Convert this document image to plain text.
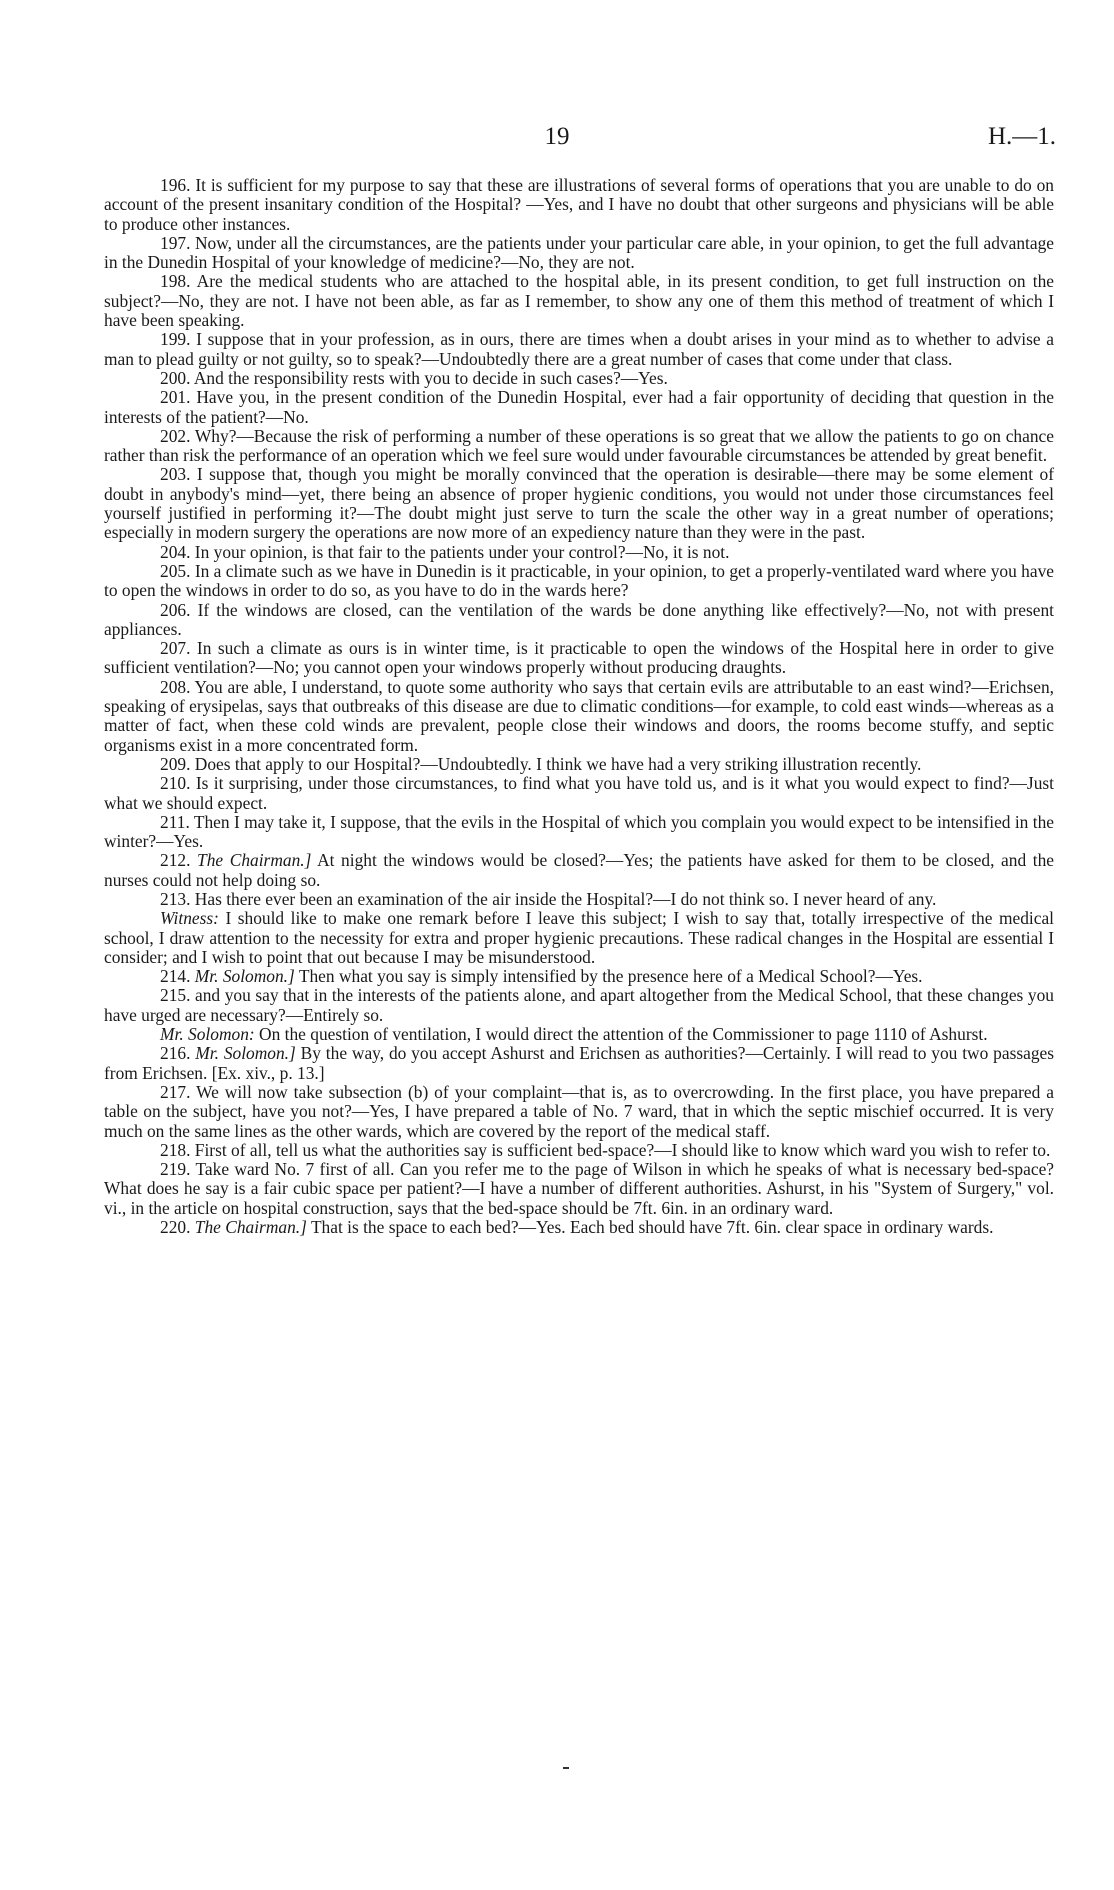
19	H.—1.

196. It is sufficient for my purpose to say that these are illustrations of several forms of operations that you are unable to do on account of the present insanitary condition of the Hospital? —Yes, and I have no doubt that other surgeons and physicians will be able to produce other instances.

197. Now, under all the circumstances, are the patients under your particular care able, in your opinion, to get the full advantage in the Dunedin Hospital of your knowledge of medicine?—No, they are not.

198. Are the medical students who are attached to the hospital able, in its present condition, to get full instruction on the subject?—No, they are not. I have not been able, as far as I remember, to show any one of them this method of treatment of which I have been speaking.

199. I suppose that in your profession, as in ours, there are times when a doubt arises in your mind as to whether to advise a man to plead guilty or not guilty, so to speak?—Undoubtedly there are a great number of cases that come under that class.

200. And the responsibility rests with you to decide in such cases?—Yes.

201. Have you, in the present condition of the Dunedin Hospital, ever had a fair opportunity of deciding that question in the interests of the patient?—No.

202. Why?—Because the risk of performing a number of these operations is so great that we allow the patients to go on chance rather than risk the performance of an operation which we feel sure would under favourable circumstances be attended by great benefit.

203. I suppose that, though you might be morally convinced that the operation is desirable—there may be some element of doubt in anybody's mind—yet, there being an absence of proper hygienic conditions, you would not under those circumstances feel yourself justified in performing it?—The doubt might just serve to turn the scale the other way in a great number of operations; especially in modern surgery the operations are now more of an expediency nature than they were in the past.

204. In your opinion, is that fair to the patients under your control?—No, it is not.

205. In a climate such as we have in Dunedin is it practicable, in your opinion, to get a properly-ventilated ward where you have to open the windows in order to do so, as you have to do in the wards here?

206. If the windows are closed, can the ventilation of the wards be done anything like effectively?—No, not with present appliances.

207. In such a climate as ours is in winter time, is it practicable to open the windows of the Hospital here in order to give sufficient ventilation?—No; you cannot open your windows properly without producing draughts.

208. You are able, I understand, to quote some authority who says that certain evils are attributable to an east wind?—Erichsen, speaking of erysipelas, says that outbreaks of this disease are due to climatic conditions—for example, to cold east winds—whereas as a matter of fact, when these cold winds are prevalent, people close their windows and doors, the rooms become stuffy, and septic organisms exist in a more concentrated form.

209. Does that apply to our Hospital?—Undoubtedly. I think we have had a very striking illustration recently.

210. Is it surprising, under those circumstances, to find what you have told us, and is it what you would expect to find?—Just what we should expect.

211. Then I may take it, I suppose, that the evils in the Hospital of which you complain you would expect to be intensified in the winter?—Yes.

212. The Chairman.] At night the windows would be closed?—Yes; the patients have asked for them to be closed, and the nurses could not help doing so.

213. Has there ever been an examination of the air inside the Hospital?—I do not think so. I never heard of any.

Witness: I should like to make one remark before I leave this subject; I wish to say that, totally irrespective of the medical school, I draw attention to the necessity for extra and proper hygienic precautions. These radical changes in the Hospital are essential I consider; and I wish to point that out because I may be misunderstood.

214. Mr. Solomon.] Then what you say is simply intensified by the presence here of a Medical School?—Yes.

215. and you say that in the interests of the patients alone, and apart altogether from the Medical School, that these changes you have urged are necessary?—Entirely so.

Mr. Solomon: On the question of ventilation, I would direct the attention of the Commissioner to page 1110 of Ashurst.

216. Mr. Solomon.] By the way, do you accept Ashurst and Erichsen as authorities?—Certainly. I will read to you two passages from Erichsen. [Ex. xiv., p. 13.]

217. We will now take subsection (b) of your complaint—that is, as to overcrowding. In the first place, you have prepared a table on the subject, have you not?—Yes, I have prepared a table of No. 7 ward, that in which the septic mischief occurred. It is very much on the same lines as the other wards, which are covered by the report of the medical staff.

218. First of all, tell us what the authorities say is sufficient bed-space?—I should like to know which ward you wish to refer to.

219. Take ward No. 7 first of all. Can you refer me to the page of Wilson in which he speaks of what is necessary bed-space? What does he say is a fair cubic space per patient?—I have a number of different authorities. Ashurst, in his "System of Surgery," vol. vi., in the article on hospital construction, says that the bed-space should be 7ft. 6in. in an ordinary ward.

220. The Chairman.] That is the space to each bed?—Yes. Each bed should have 7ft. 6in. clear space in ordinary wards.
